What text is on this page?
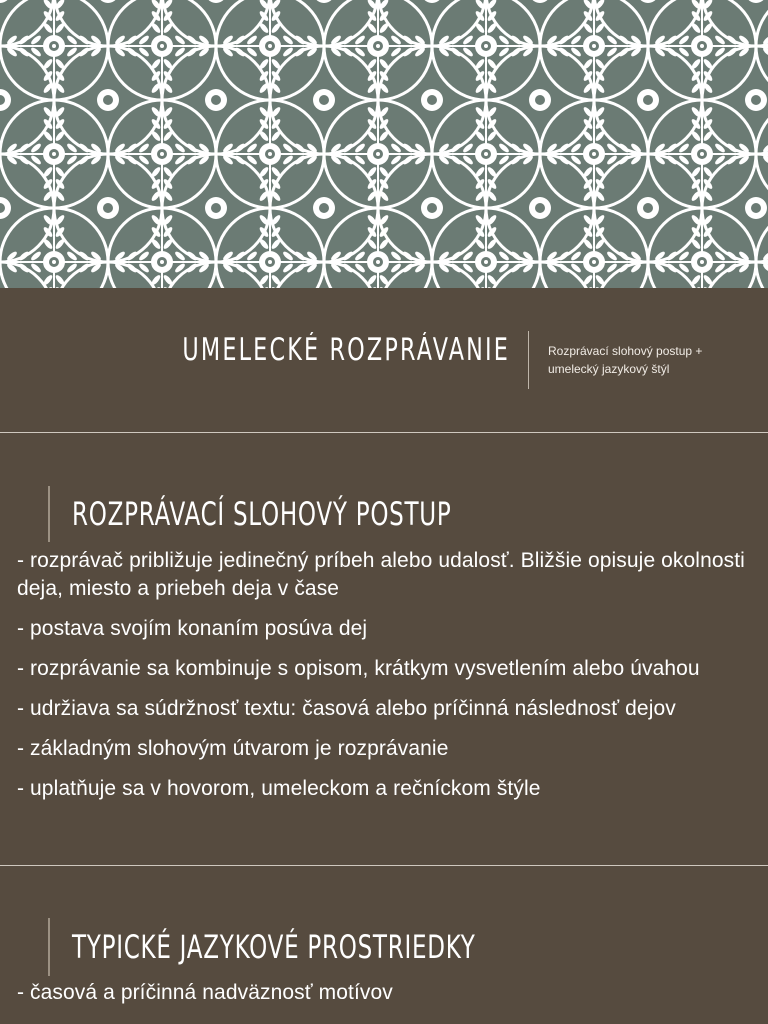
UMELECKÉ ROZPRÁVANIE	Rozprávací slohový postup + umelecký jazykový štýl
ROZPRÁVACÍ SLOHOVÝ POSTUP
- rozprávač približuje jedinečný príbeh alebo udalosť. Bližšie opisuje okolnosti deja, miesto a priebeh deja v čase
- postava svojím konaním posúva dej
- rozprávanie sa kombinuje s opisom, krátkym vysvetlením alebo úvahou
- udržiava sa súdržnosť textu: časová alebo príčinná následnosť dejov
- základným slohovým útvarom je rozprávanie
- uplatňuje sa v hovorom, umeleckom a rečníckom štýle
TYPICKÉ JAZYKOVÉ PROSTRIEDKY
- časová a príčinná nadväznosť motívov
